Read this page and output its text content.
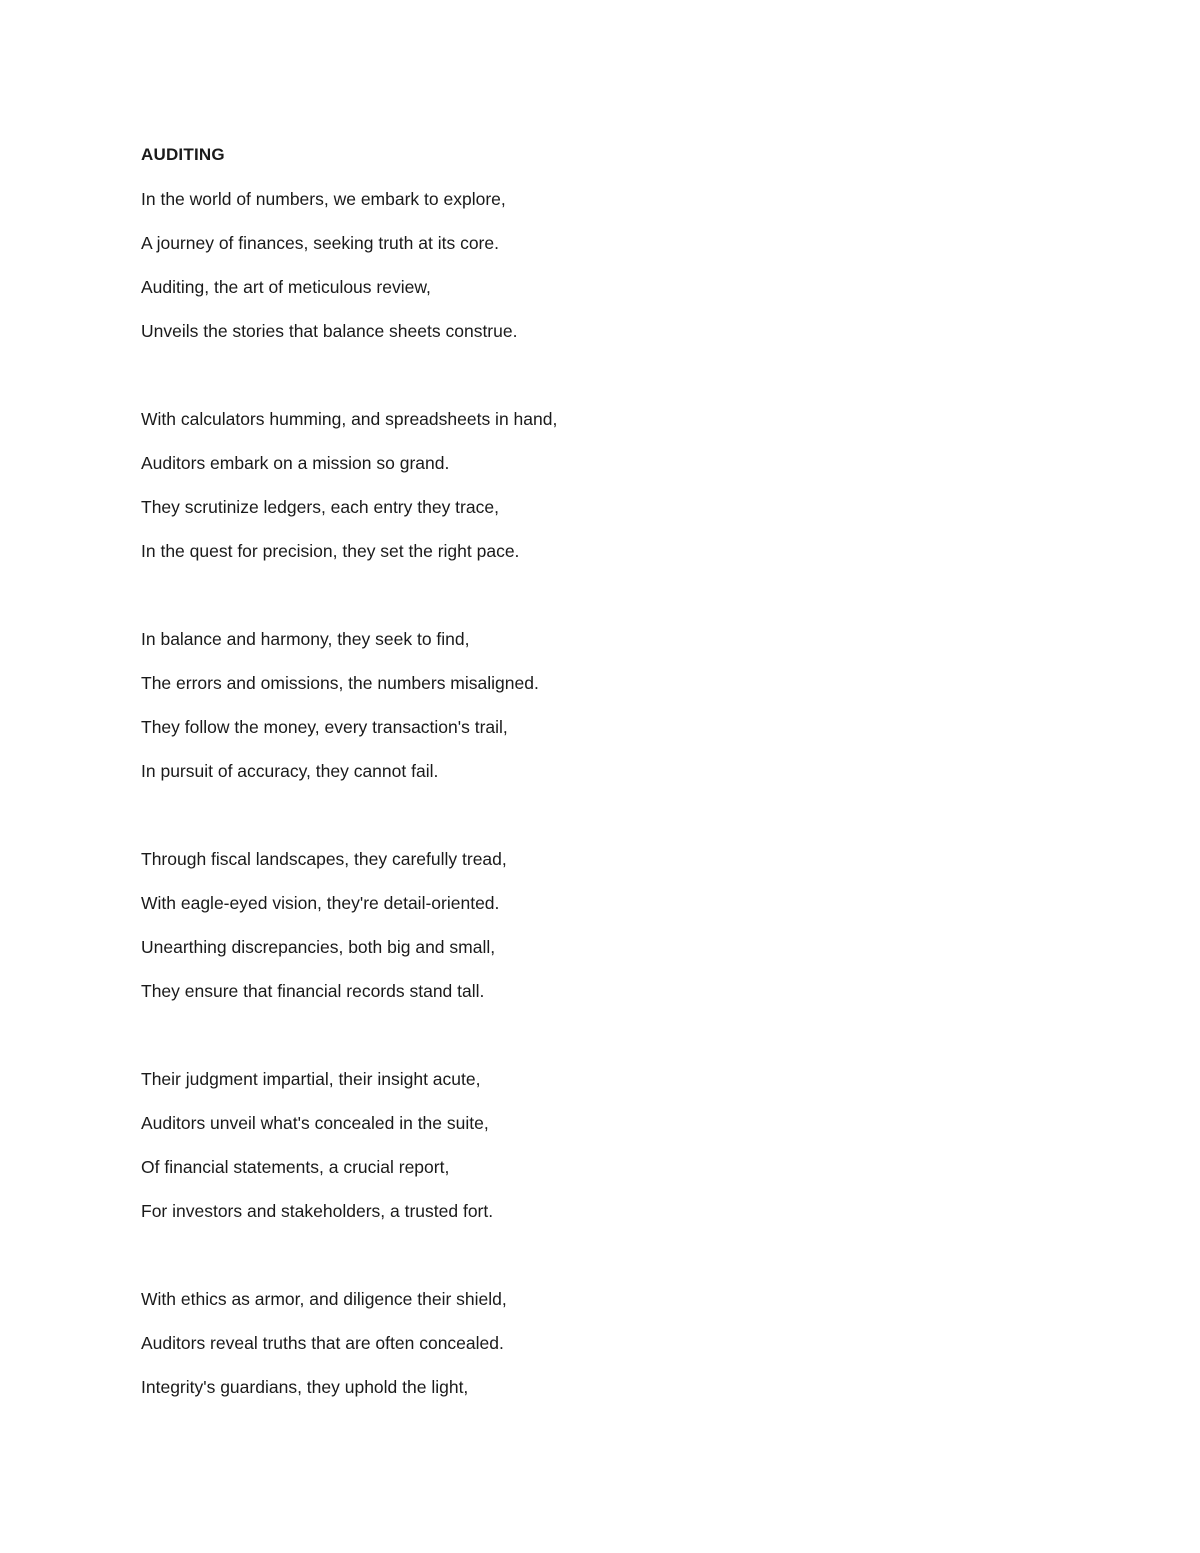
AUDITING
In the world of numbers, we embark to explore,
A journey of finances, seeking truth at its core.
Auditing, the art of meticulous review,
Unveils the stories that balance sheets construe.
With calculators humming, and spreadsheets in hand,
Auditors embark on a mission so grand.
They scrutinize ledgers, each entry they trace,
In the quest for precision, they set the right pace.
In balance and harmony, they seek to find,
The errors and omissions, the numbers misaligned.
They follow the money, every transaction's trail,
In pursuit of accuracy, they cannot fail.
Through fiscal landscapes, they carefully tread,
With eagle-eyed vision, they're detail-oriented.
Unearthing discrepancies, both big and small,
They ensure that financial records stand tall.
Their judgment impartial, their insight acute,
Auditors unveil what's concealed in the suite,
Of financial statements, a crucial report,
For investors and stakeholders, a trusted fort.
With ethics as armor, and diligence their shield,
Auditors reveal truths that are often concealed.
Integrity's guardians, they uphold the light,
